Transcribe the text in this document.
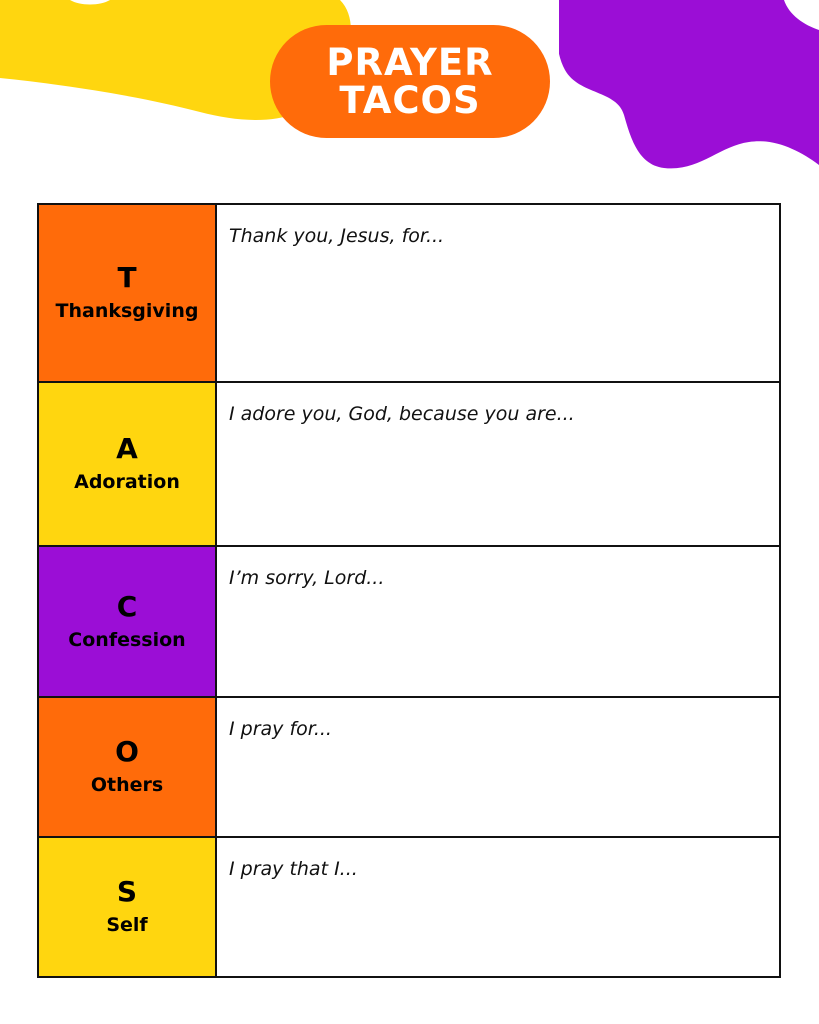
PRAYER
TACOS
T
Thanksgiving
Thank you, Jesus, for...
A
Adoration
I adore you, God, because you are...
C
Confession
I’m sorry, Lord...
O
Others
I pray for...
S
Self
I pray that I...
